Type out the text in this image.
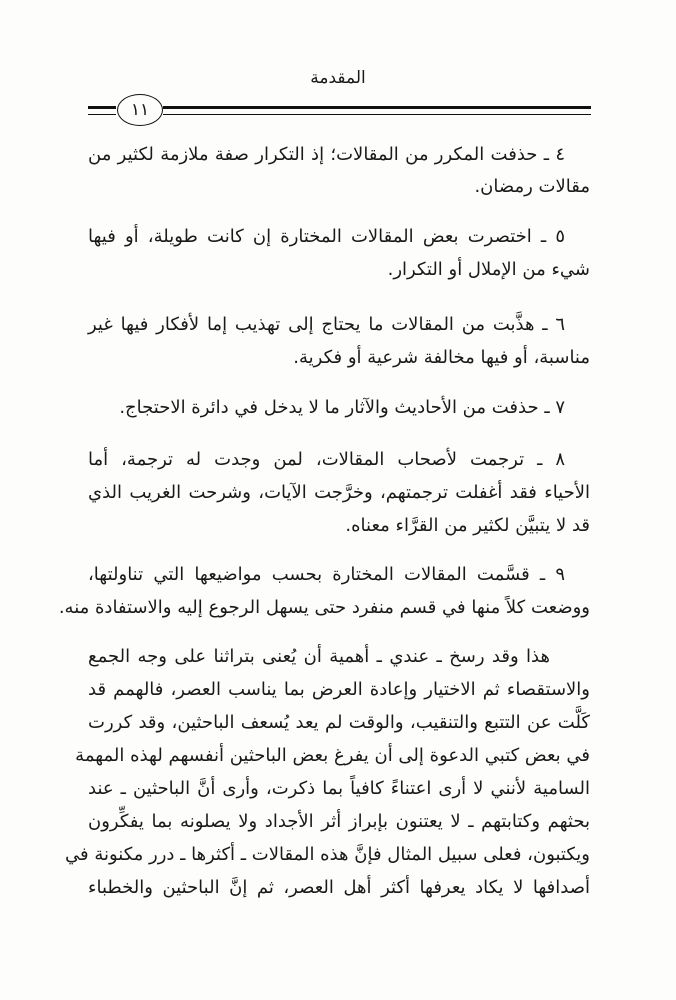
المقدمة
١١
٤ ـ حذفت المكرر من المقالات؛ إذ التكرار صفة ملازمة لكثير من
مقالات رمضان.
٥ ـ اختصرت بعض المقالات المختارة إن كانت طويلة، أو فيها
شيء من الإملال أو التكرار.
٦ ـ هذَّبت من المقالات ما يحتاج إلى تهذيب إما لأفكار فيها غير
مناسبة، أو فيها مخالفة شرعية أو فكرية.
٧ ـ حذفت من الأحاديث والآثار ما لا يدخل في دائرة الاحتجاج.
٨ ـ ترجمت لأصحاب المقالات، لمن وجدت له ترجمة، أما
الأحياء فقد أغفلت ترجمتهم، وخرَّجت الآيات، وشرحت الغريب الذي
قد لا يتبيَّن لكثير من القرَّاء معناه.
٩ ـ قسَّمت المقالات المختارة بحسب مواضيعها التي تناولتها،
ووضعت كلاً منها في قسم منفرد حتى يسهل الرجوع إليه والاستفادة منه.
هذا وقد رسخ ـ عندي ـ أهمية أن يُعنى بتراثنا على وجه الجمع
والاستقصاء ثم الاختيار وإعادة العرض بما يناسب العصر، فالهمم قد
كَلَّت عن التتبع والتنقيب، والوقت لم يعد يُسعف الباحثين، وقد كررت
في بعض كتبي الدعوة إلى أن يفرغ بعض الباحثين أنفسهم لهذه المهمة
السامية لأنني لا أرى اعتناءً كافياً بما ذكرت، وأرى أنَّ الباحثين ـ عند
بحثهم وكتابتهم ـ لا يعتنون بإبراز أثر الأجداد ولا يصلونه بما يفكِّرون
ويكتبون، فعلى سبيل المثال فإنَّ هذه المقالات ـ أكثرها ـ درر مكنونة في
أصدافها لا يكاد يعرفها أكثر أهل العصر، ثم إنَّ الباحثين والخطباء
